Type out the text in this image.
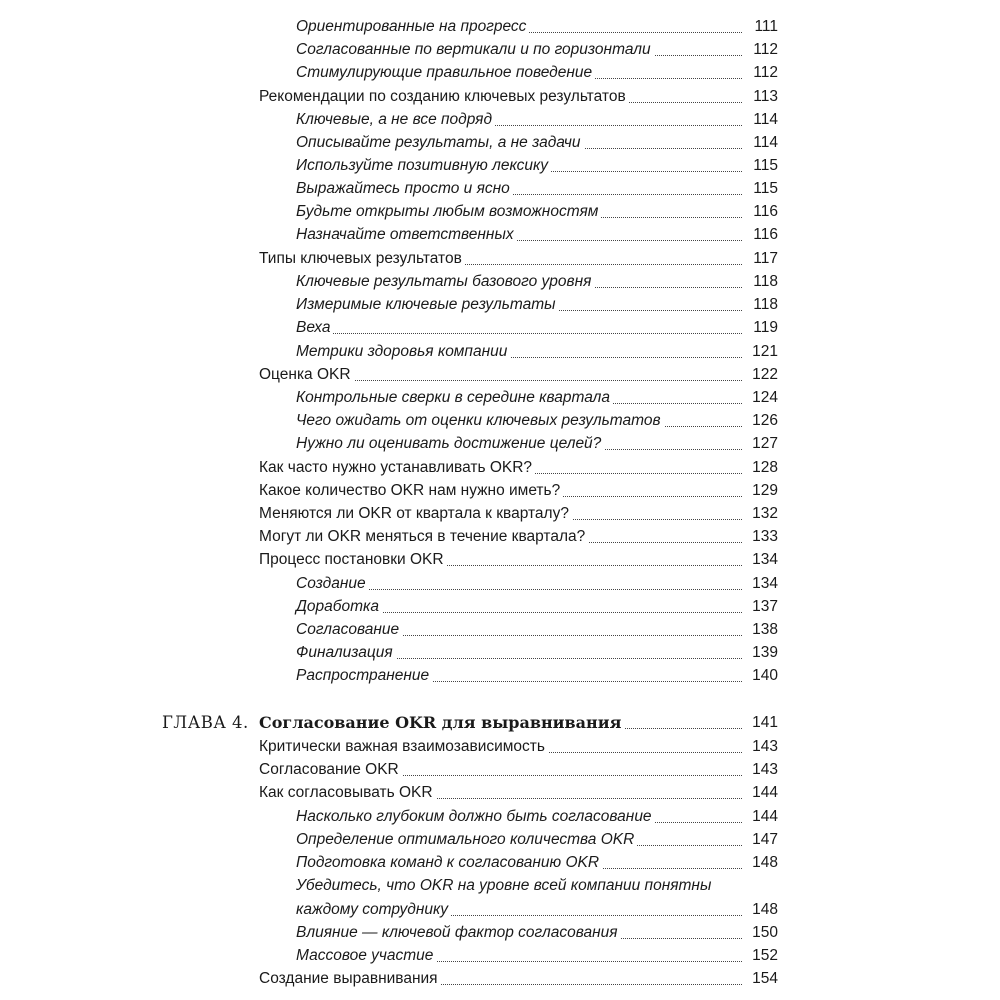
Ориентированные на прогресс	111
Согласованные по вертикали и по горизонтали	112
Стимулирующие правильное поведение	112
Рекомендации по созданию ключевых результатов	113
Ключевые, а не все подряд	114
Описывайте результаты, а не задачи	114
Используйте позитивную лексику	115
Выражайтесь просто и ясно	115
Будьте открыты любым возможностям	116
Назначайте ответственных	116
Типы ключевых результатов	117
Ключевые результаты базового уровня	118
Измеримые ключевые результаты	118
Веха	119
Метрики здоровья компании	121
Оценка OKR	122
Контрольные сверки в середине квартала	124
Чего ожидать от оценки ключевых результатов	126
Нужно ли оценивать достижение целей?	127
Как часто нужно устанавливать OKR?	128
Какое количество OKR нам нужно иметь?	129
Меняются ли OKR от квартала к кварталу?	132
Могут ли OKR меняться в течение квартала?	133
Процесс постановки OKR	134
Создание	134
Доработка	137
Согласование	138
Финализация	139
Распространение	140
ГЛАВА 4. Согласование OKR для выравнивания	141
Критически важная взаимозависимость	143
Согласование OKR	143
Как согласовывать OKR	144
Насколько глубоким должно быть согласование	144
Определение оптимального количества OKR	147
Подготовка команд к согласованию OKR	148
Убедитесь, что OKR на уровне всей компании понятны
каждому сотруднику	148
Влияние — ключевой фактор согласования	150
Массовое участие	152
Создание выравнивания	154
